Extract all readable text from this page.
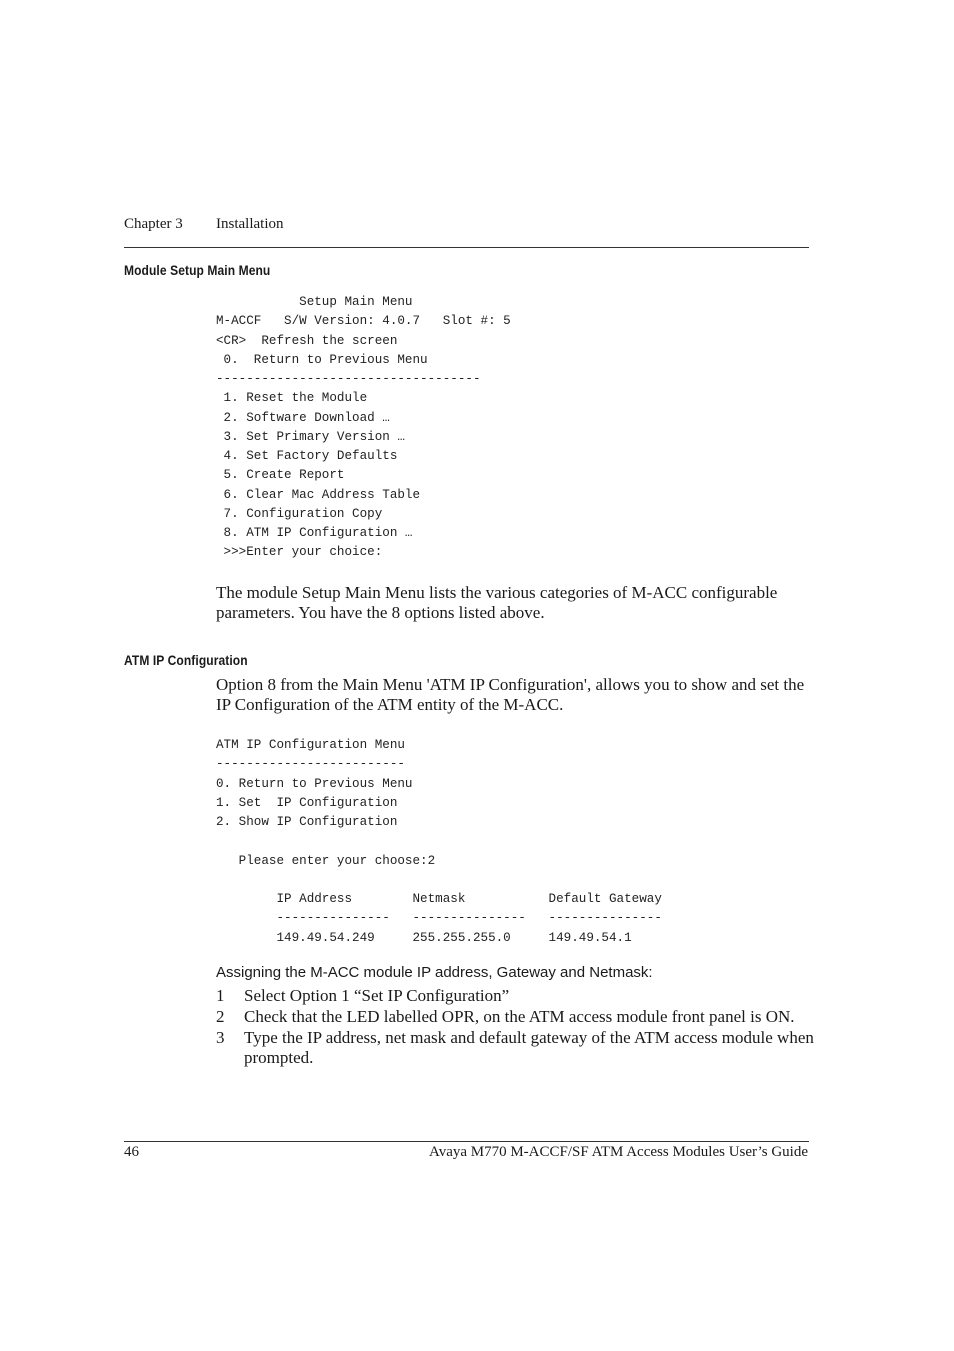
Chapter 3 Installation
Module Setup Main Menu
Setup Main Menu
M-ACCF   S/W Version: 4.0.7   Slot #: 5
<CR>  Refresh the screen
0.  Return to Previous Menu
-----------------------------------
1. Reset the Module
2. Software Download …
3. Set Primary Version …
4. Set Factory Defaults
5. Create Report
6. Clear Mac Address Table
7. Configuration Copy
8. ATM IP Configuration …
>>>Enter your choice:
The module Setup Main Menu lists the various categories of M-ACC configurable parameters. You have the 8 options listed above.
ATM IP Configuration
Option 8 from the Main Menu 'ATM IP Configuration', allows you to show and set the IP Configuration of the ATM entity of the M-ACC.
ATM IP Configuration Menu
-------------------------
0. Return to Previous Menu
1. Set  IP Configuration
2. Show IP Configuration

Please enter your choose:2

IP Address        Netmask           Default Gateway
---------------   ---------------   ---------------
149.49.54.249     255.255.255.0     149.49.54.1
Assigning the M-ACC module IP address, Gateway and Netmask:
1	Select Option 1 “Set IP Configuration”
2	Check that the LED labelled OPR, on the ATM access module front panel is ON.
3	Type the IP address, net mask and default gateway of the ATM access module when prompted.
46	Avaya M770 M-ACCF/SF ATM Access Modules User’s Guide
